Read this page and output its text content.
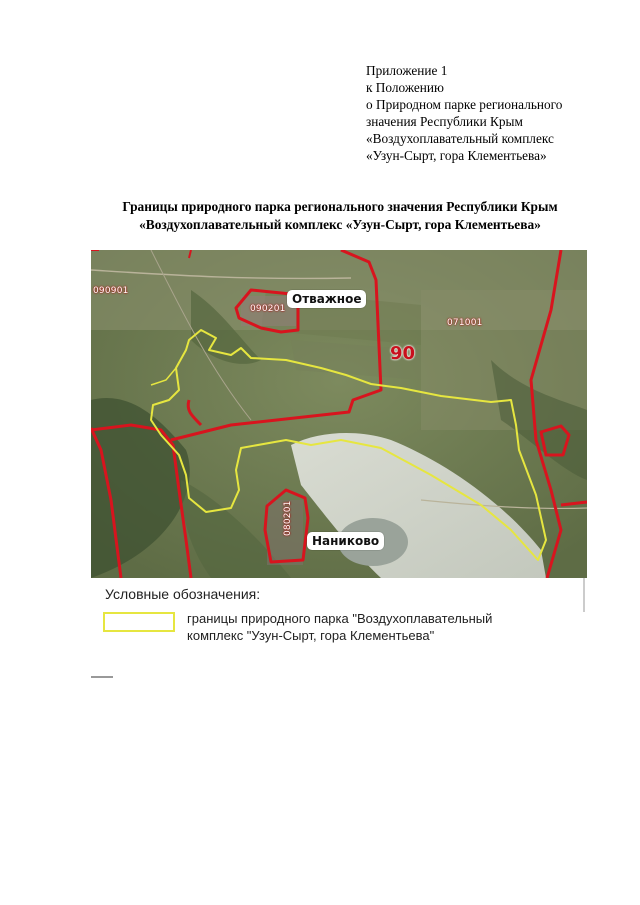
Приложение 1
к Положению
о Природном парке регионального
значения Республики Крым
«Воздухоплавательный комплекс
«Узун-Сырт, гора Клементьева»
Границы природного парка регионального значения Республики Крым
«Воздухоплавательный комплекс «Узун-Сырт, гора Клементьева»
Отважное
Наниково
090901
090201
071001
080201
90
Условные обозначения:
границы природного парка "Воздухоплавательный
комплекс "Узун-Сырт, гора Клементьева"
